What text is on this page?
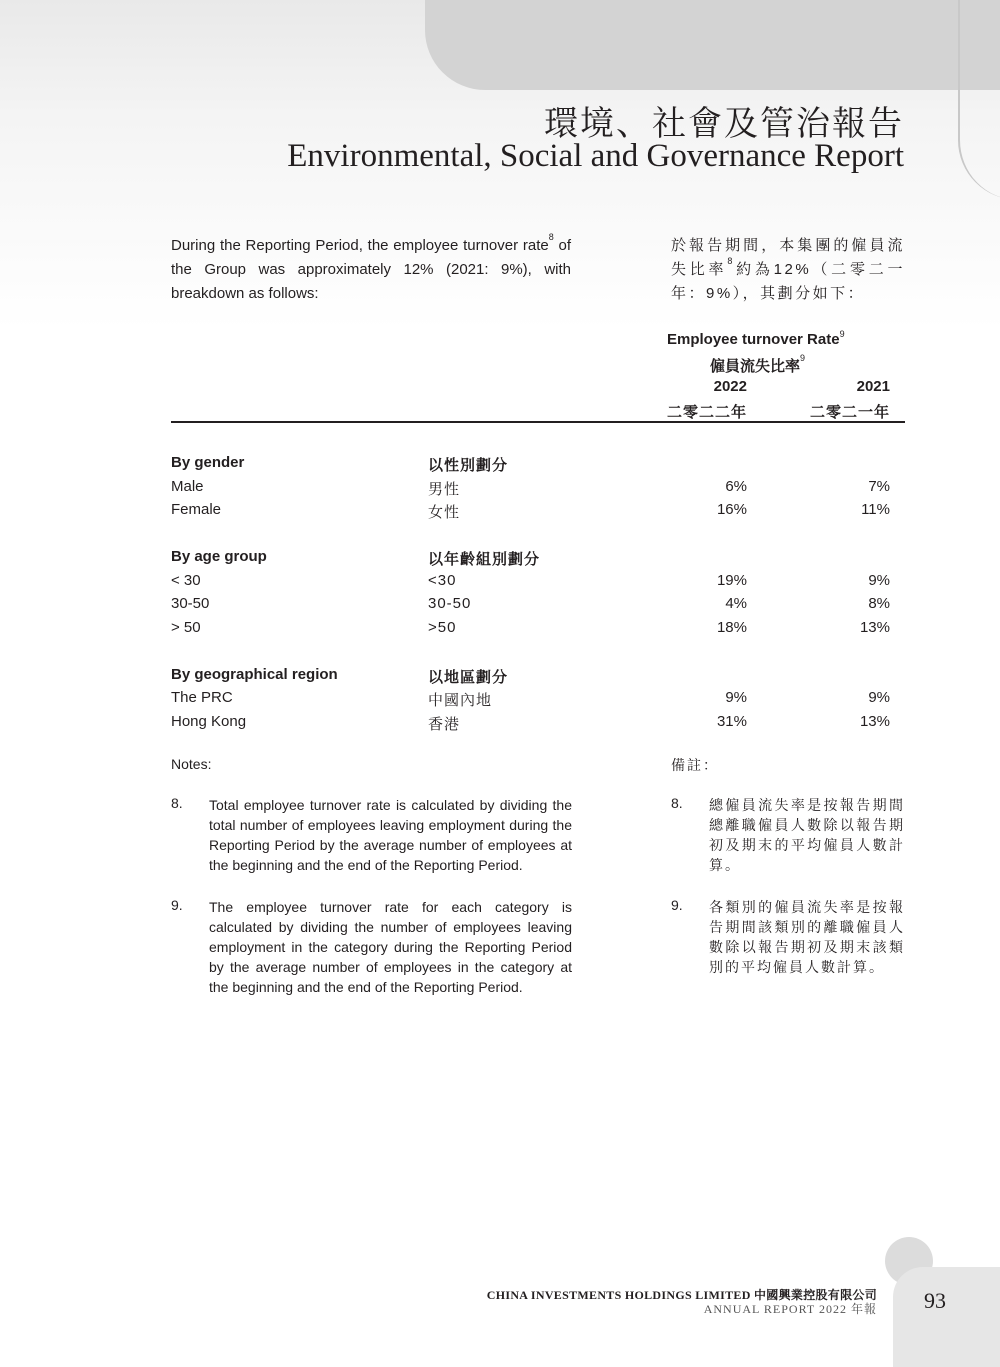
環境、社會及管治報告
Environmental, Social and Governance Report
During the Reporting Period, the employee turnover rate$^8$ of the Group was approximately 12% (2021: 9%), with breakdown as follows:
於報告期間，本集團的僱員流失比率$^8$約為12%（二零二一年：9%），其劃分如下：
Employee turnover Rate$^9$
僱員流失比率$^9$
2022
二零二二年
2021
二零二一年
By gender	以性別劃分
Male	男性	6%	7%
Female	女性	16%	11%
By age group	以年齡組別劃分
< 30	<30	19%	9%
30-50	30-50	4%	8%
> 50	>50	18%	13%
By geographical region	以地區劃分
The PRC	中國內地	9%	9%
Hong Kong	香港	31%	13%
Notes:	備註：
8. Total employee turnover rate is calculated by dividing the total number of employees leaving employment during the Reporting Period by the average number of employees at the beginning and the end of the Reporting Period.
8. 總僱員流失率是按報告期間總離職僱員人數除以報告期初及期末的平均僱員人數計算。
9. The employee turnover rate for each category is calculated by dividing the number of employees leaving employment in the category during the Reporting Period by the average number of employees in the category at the beginning and the end of the Reporting Period.
9. 各類別的僱員流失率是按報告期間該類別的離職僱員人數除以報告期初及期末該類別的平均僱員人數計算。
CHINA INVESTMENTS HOLDINGS LIMITED 中國興業控股有限公司
ANNUAL REPORT 2022 年報 93
